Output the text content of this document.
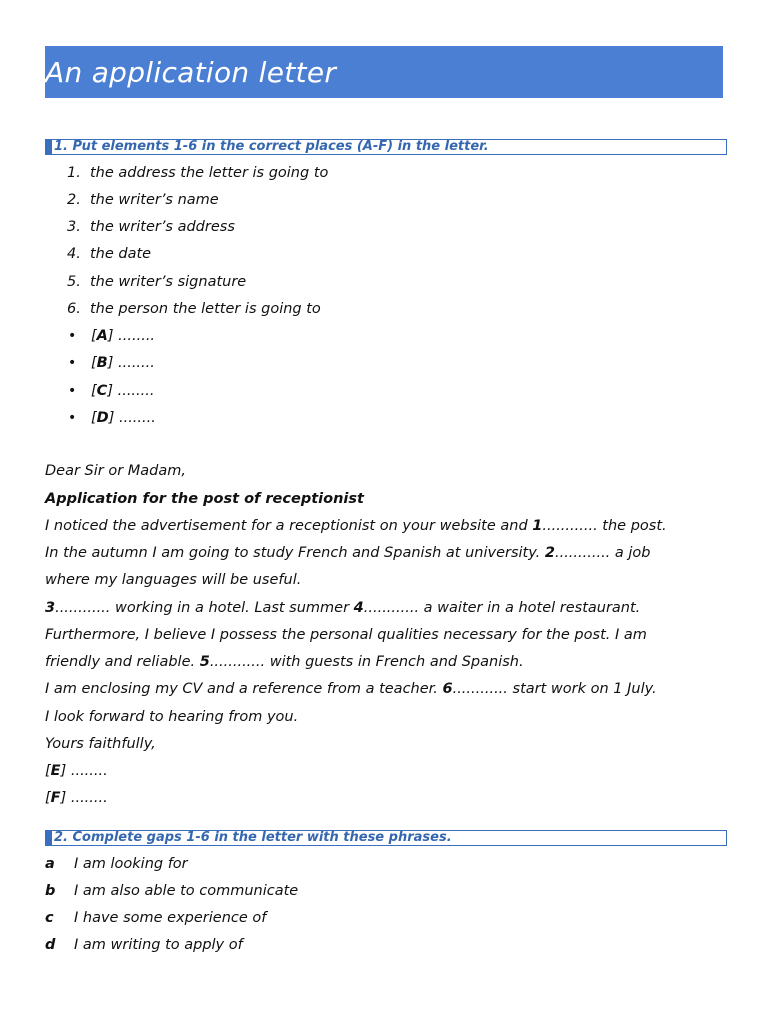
An application letter
1. Put elements 1-6 in the correct places (A-F) in the letter.
1. the address the letter is going to
2. the writer’s name
3. the writer’s address
4. the date
5. the writer’s signature
6. the person the letter is going to
• [A] ........
• [B] ........
• [C] ........
• [D] ........
Dear Sir or Madam,
Application for the post of receptionist
I noticed the advertisement for a receptionist on your website and 1............ the post.
In the autumn I am going to study French and Spanish at university. 2............ a job
where my languages will be useful.
3............ working in a hotel. Last summer 4............ a waiter in a hotel restaurant.
Furthermore, I believe I possess the personal qualities necessary for the post. I am
friendly and reliable. 5............ with guests in French and Spanish.
I am enclosing my CV and a reference from a teacher. 6............ start work on 1 July.
I look forward to hearing from you.
Yours faithfully,
[E] ........
[F] ........
2. Complete gaps 1-6 in the letter with these phrases.
a I am looking for
b I am also able to communicate
c I have some experience of
d I am writing to apply of
